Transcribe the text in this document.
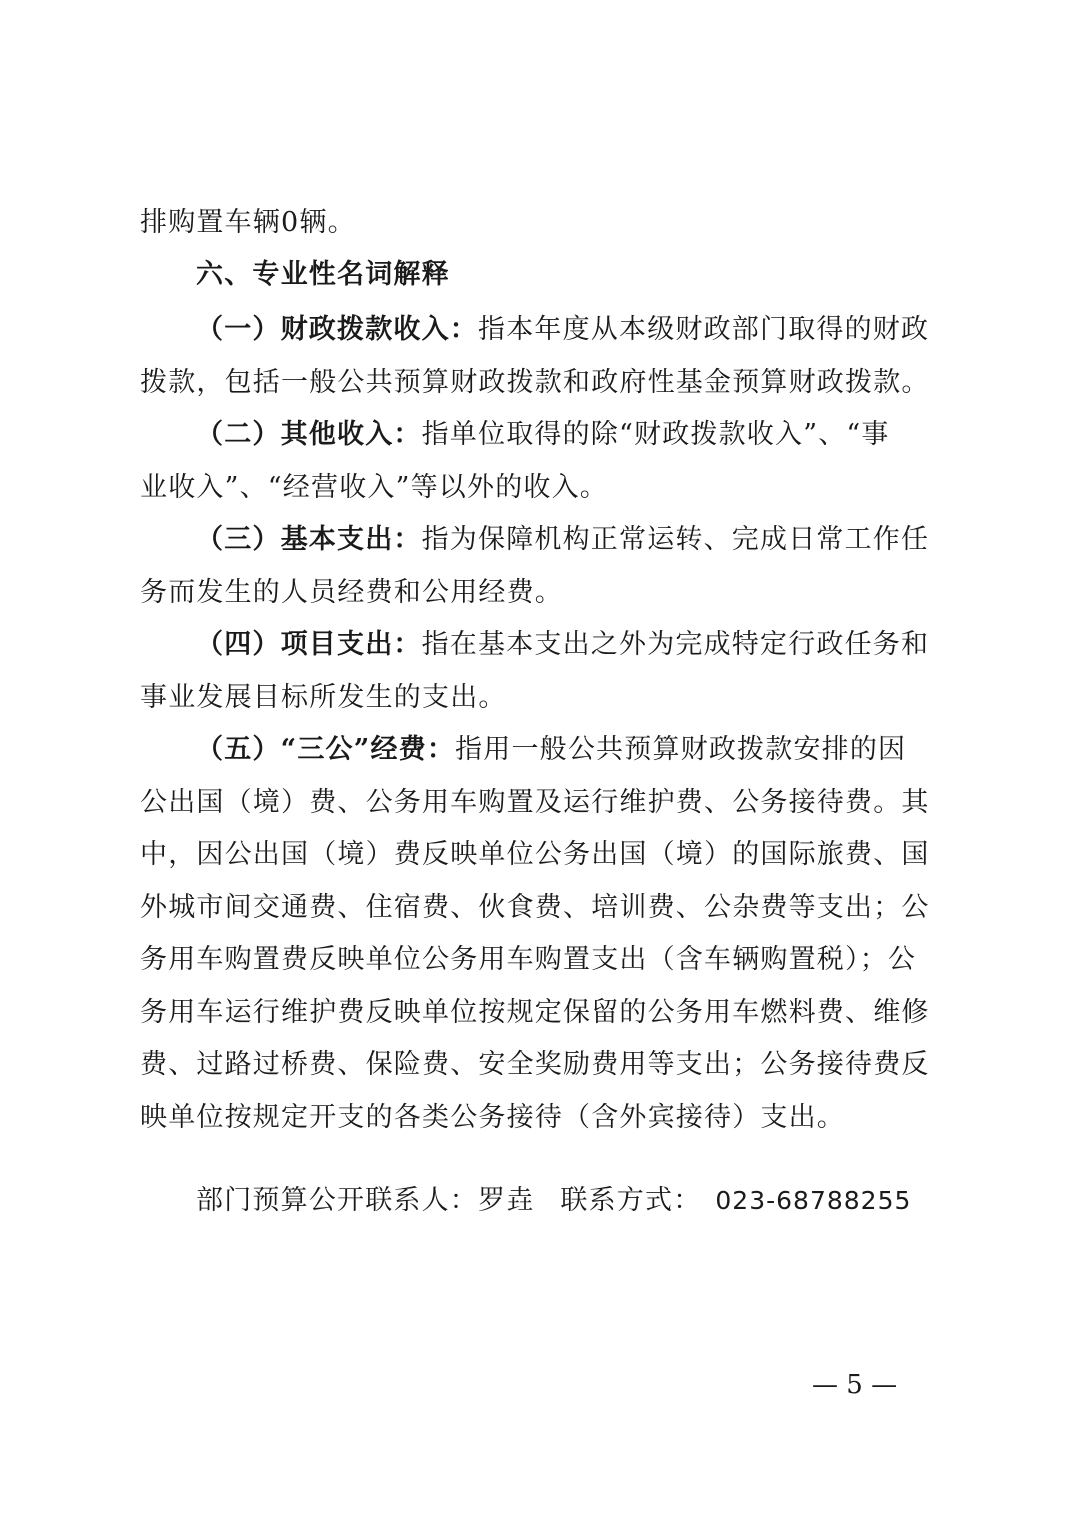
排购置车辆0辆。
六、专业性名词解释
（一）财政拨款收入：指本年度从本级财政部门取得的财政
拨款，包括一般公共预算财政拨款和政府性基金预算财政拨款。
（二）其他收入：指单位取得的除“财政拨款收入”、“事
业收入”、“经营收入”等以外的收入。
（三）基本支出：指为保障机构正常运转、完成日常工作任
务而发生的人员经费和公用经费。
（四）项目支出：指在基本支出之外为完成特定行政任务和
事业发展目标所发生的支出。
（五）“三公”经费：指用一般公共预算财政拨款安排的因
公出国（境）费、公务用车购置及运行维护费、公务接待费。其
中，因公出国（境）费反映单位公务出国（境）的国际旅费、国
外城市间交通费、住宿费、伙食费、培训费、公杂费等支出；公
务用车购置费反映单位公务用车购置支出（含车辆购置税）；公
务用车运行维护费反映单位按规定保留的公务用车燃料费、维修
费、过路过桥费、保险费、安全奖励费用等支出；公务接待费反
映单位按规定开支的各类公务接待（含外宾接待）支出。
部门预算公开联系人：罗垚 联系方式： 023-68788255
— 5 —
